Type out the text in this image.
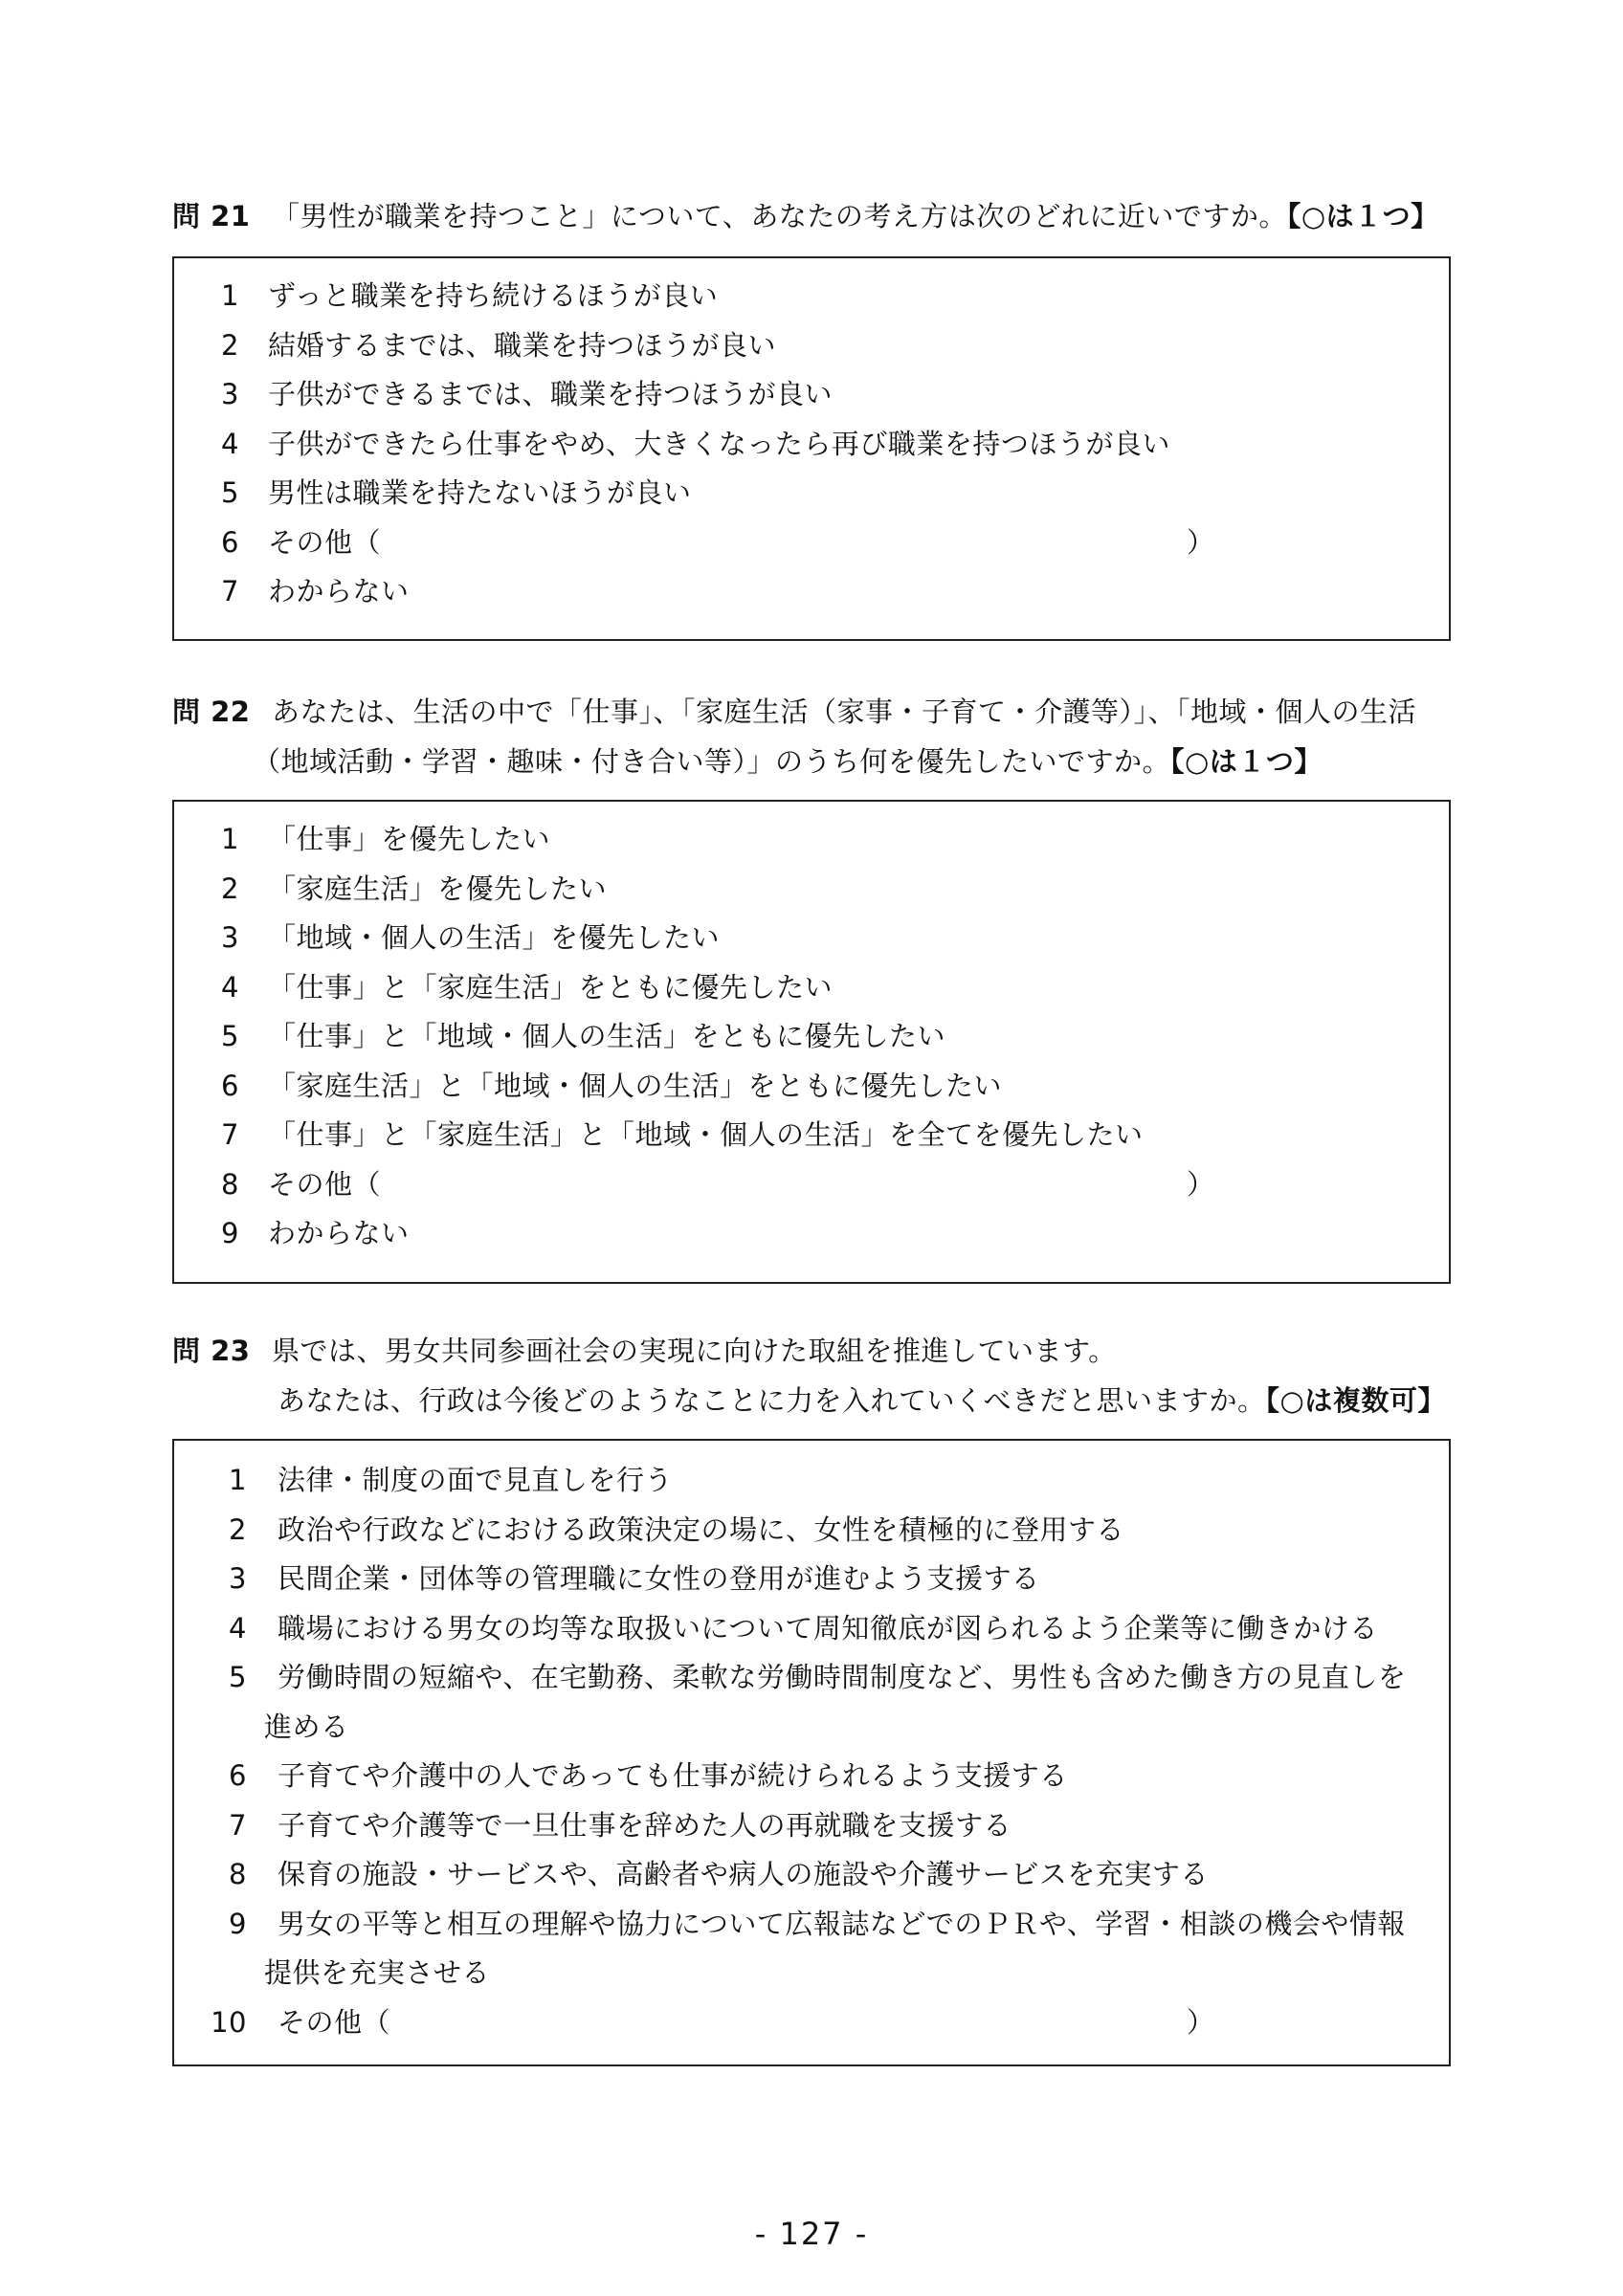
問 21 「男性が職業を持つこと」について、あなたの考え方は次のどれに近いですか。【○は１つ】
1 ずっと職業を持ち続けるほうが良い
2 結婚するまでは、職業を持つほうが良い
3 子供ができるまでは、職業を持つほうが良い
4 子供ができたら仕事をやめ、大きくなったら再び職業を持つほうが良い
5 男性は職業を持たないほうが良い
6 その他（	）
7 わからない
問 22 あなたは、生活の中で「仕事」、「家庭生活（家事・子育て・介護等）」、「地域・個人の生活
（地域活動・学習・趣味・付き合い等）」のうち何を優先したいですか。【○は１つ】
1 「仕事」を優先したい
2 「家庭生活」を優先したい
3 「地域・個人の生活」を優先したい
4 「仕事」と「家庭生活」をともに優先したい
5 「仕事」と「地域・個人の生活」をともに優先したい
6 「家庭生活」と「地域・個人の生活」をともに優先したい
7 「仕事」と「家庭生活」と「地域・個人の生活」を全てを優先したい
8 その他（	）
9 わからない
問 23 県では、男女共同参画社会の実現に向けた取組を推進しています。
あなたは、行政は今後どのようなことに力を入れていくべきだと思いますか。【○は複数可】
1 法律・制度の面で見直しを行う
2 政治や行政などにおける政策決定の場に、女性を積極的に登用する
3 民間企業・団体等の管理職に女性の登用が進むよう支援する
4 職場における男女の均等な取扱いについて周知徹底が図られるよう企業等に働きかける
5 労働時間の短縮や、在宅勤務、柔軟な労働時間制度など、男性も含めた働き方の見直しを
進める
6 子育てや介護中の人であっても仕事が続けられるよう支援する
7 子育てや介護等で一旦仕事を辞めた人の再就職を支援する
8 保育の施設・サービスや、高齢者や病人の施設や介護サービスを充実する
9 男女の平等と相互の理解や協力について広報誌などでのＰＲや、学習・相談の機会や情報
提供を充実させる
10 その他（	）
- 127 -
